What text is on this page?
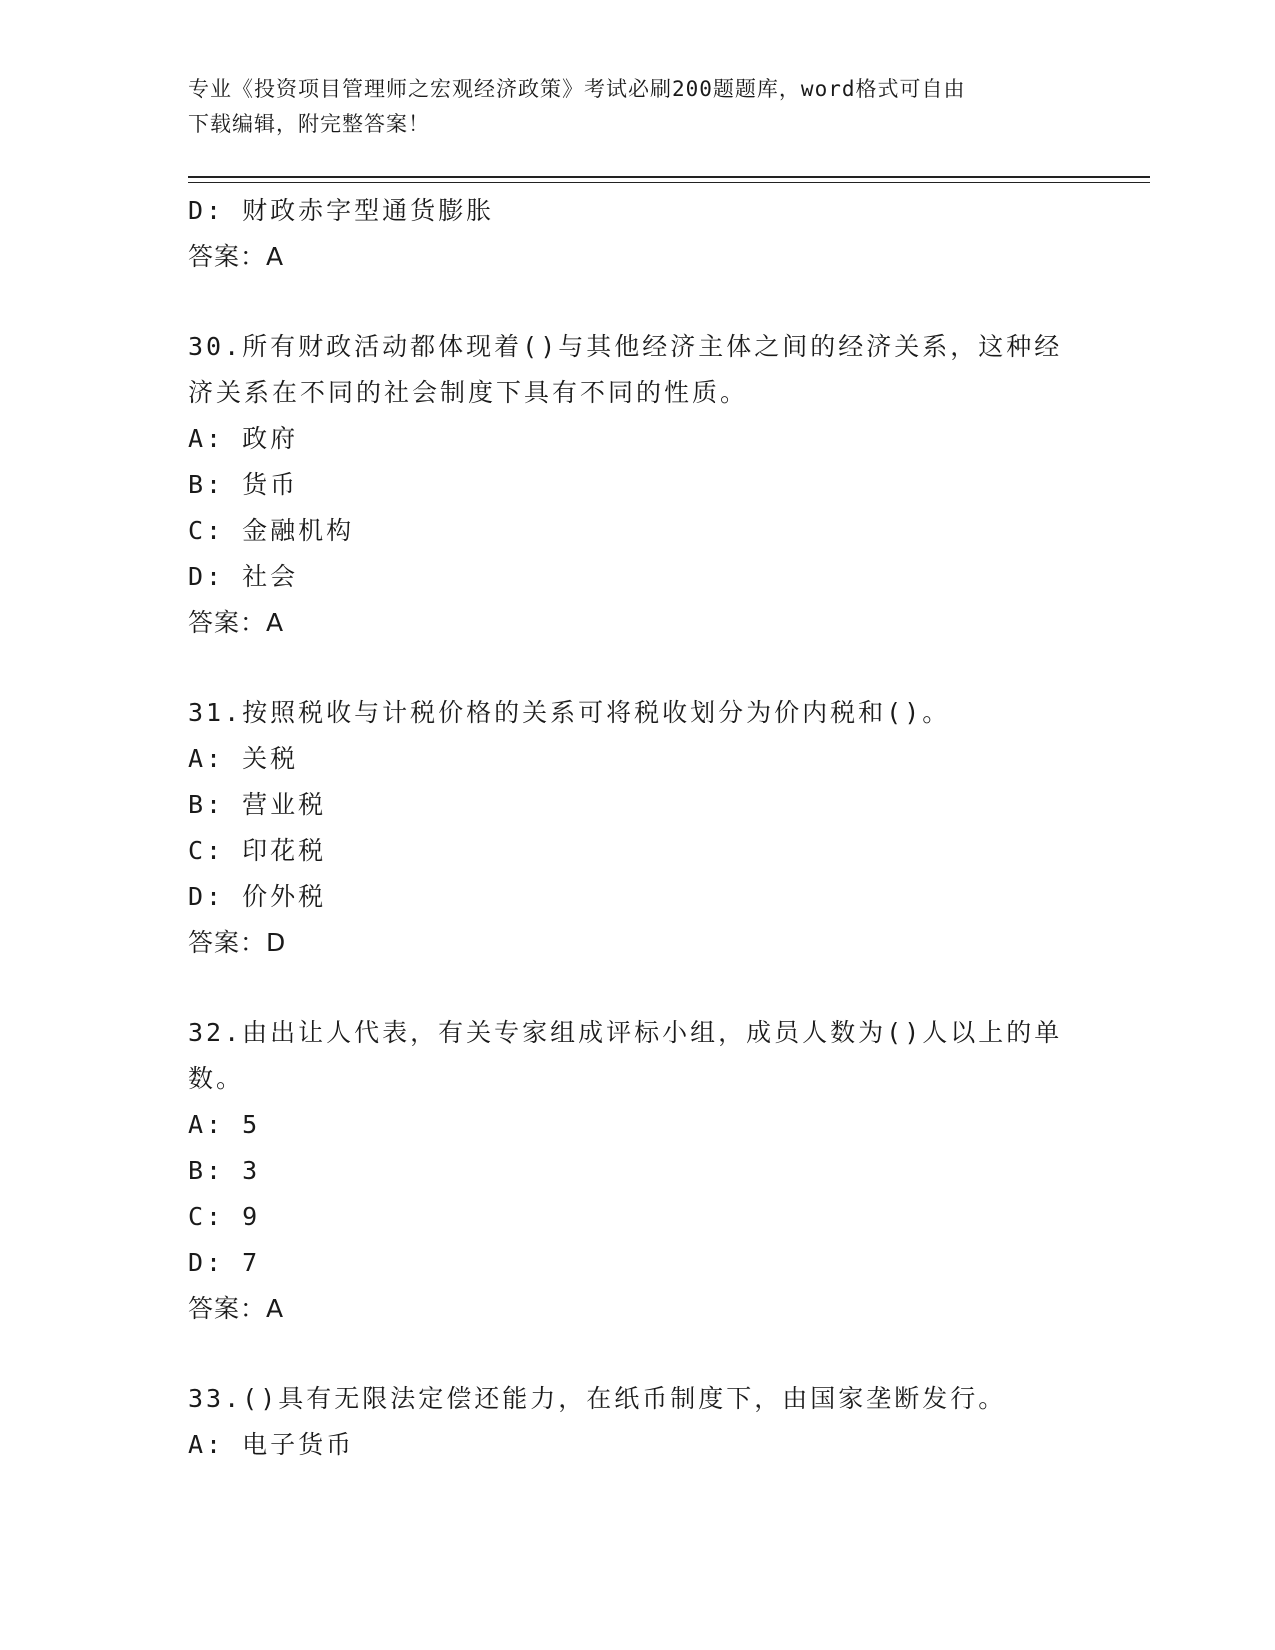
专业《投资项目管理师之宏观经济政策》考试必刷200题题库，word格式可自由
下载编辑，附完整答案！
D: 财政赤字型通货膨胀
答案：A
30.所有财政活动都体现着()与其他经济主体之间的经济关系，这种经
济关系在不同的社会制度下具有不同的性质。
A: 政府
B: 货币
C: 金融机构
D: 社会
答案：A
31.按照税收与计税价格的关系可将税收划分为价内税和()。
A: 关税
B: 营业税
C: 印花税
D: 价外税
答案：D
32.由出让人代表，有关专家组成评标小组，成员人数为()人以上的单
数。
A: 5
B: 3
C: 9
D: 7
答案：A
33.()具有无限法定偿还能力，在纸币制度下，由国家垄断发行。
A: 电子货币
